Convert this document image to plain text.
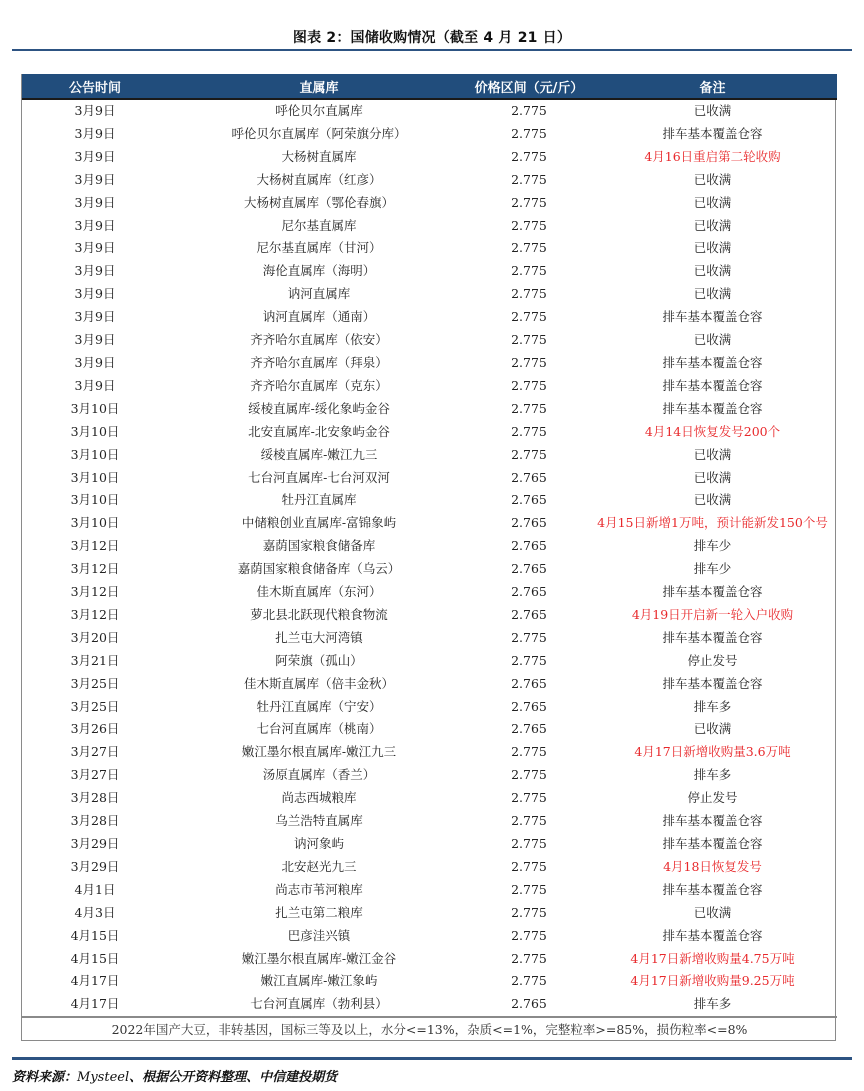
图表 2：国储收购情况（截至 4 月 21 日）
公告时间	直属库	价格区间（元/斤）	备注
3月9日	呼伦贝尔直属库	2.775	已收满
3月9日	呼伦贝尔直属库（阿荣旗分库）	2.775	排车基本覆盖仓容
3月9日	大杨树直属库	2.775	4月16日重启第二轮收购
3月9日	大杨树直属库（红彦）	2.775	已收满
3月9日	大杨树直属库（鄂伦春旗）	2.775	已收满
3月9日	尼尔基直属库	2.775	已收满
3月9日	尼尔基直属库（甘河）	2.775	已收满
3月9日	海伦直属库（海明）	2.775	已收满
3月9日	讷河直属库	2.775	已收满
3月9日	讷河直属库（通南）	2.775	排车基本覆盖仓容
3月9日	齐齐哈尔直属库（依安）	2.775	已收满
3月9日	齐齐哈尔直属库（拜泉）	2.775	排车基本覆盖仓容
3月9日	齐齐哈尔直属库（克东）	2.775	排车基本覆盖仓容
3月10日	绥棱直属库-绥化象屿金谷	2.775	排车基本覆盖仓容
3月10日	北安直属库-北安象屿金谷	2.775	4月14日恢复发号200个
3月10日	绥棱直属库-嫩江九三	2.775	已收满
3月10日	七台河直属库-七台河双河	2.765	已收满
3月10日	牡丹江直属库	2.765	已收满
3月10日	中储粮创业直属库-富锦象屿	2.765	4月15日新增1万吨，预计能新发150个号
3月12日	嘉荫国家粮食储备库	2.765	排车少
3月12日	嘉荫国家粮食储备库（乌云）	2.765	排车少
3月12日	佳木斯直属库（东河）	2.765	排车基本覆盖仓容
3月12日	萝北县北跃现代粮食物流	2.765	4月19日开启新一轮入户收购
3月20日	扎兰屯大河湾镇	2.775	排车基本覆盖仓容
3月21日	阿荣旗（孤山）	2.775	停止发号
3月25日	佳木斯直属库（倍丰金秋）	2.765	排车基本覆盖仓容
3月25日	牡丹江直属库（宁安）	2.765	排车多
3月26日	七台河直属库（桃南）	2.765	已收满
3月27日	嫩江墨尔根直属库-嫩江九三	2.775	4月17日新增收购量3.6万吨
3月27日	汤原直属库（香兰）	2.775	排车多
3月28日	尚志西城粮库	2.775	停止发号
3月28日	乌兰浩特直属库	2.775	排车基本覆盖仓容
3月29日	讷河象屿	2.775	排车基本覆盖仓容
3月29日	北安赵光九三	2.775	4月18日恢复发号
4月1日	尚志市苇河粮库	2.775	排车基本覆盖仓容
4月3日	扎兰屯第二粮库	2.775	已收满
4月15日	巴彦洼兴镇	2.775	排车基本覆盖仓容
4月15日	嫩江墨尔根直属库-嫩江金谷	2.775	4月17日新增收购量4.75万吨
4月17日	嫩江直属库-嫩江象屿	2.775	4月17日新增收购量9.25万吨
4月17日	七台河直属库（勃利县）	2.765	排车多
2022年国产大豆，非转基因，国标三等及以上，水分<=13%，杂质<=1%，完整粒率>=85%，损伤粒率<=8%			
资料来源：Mysteel、根据公开资料整理、中信建投期货
